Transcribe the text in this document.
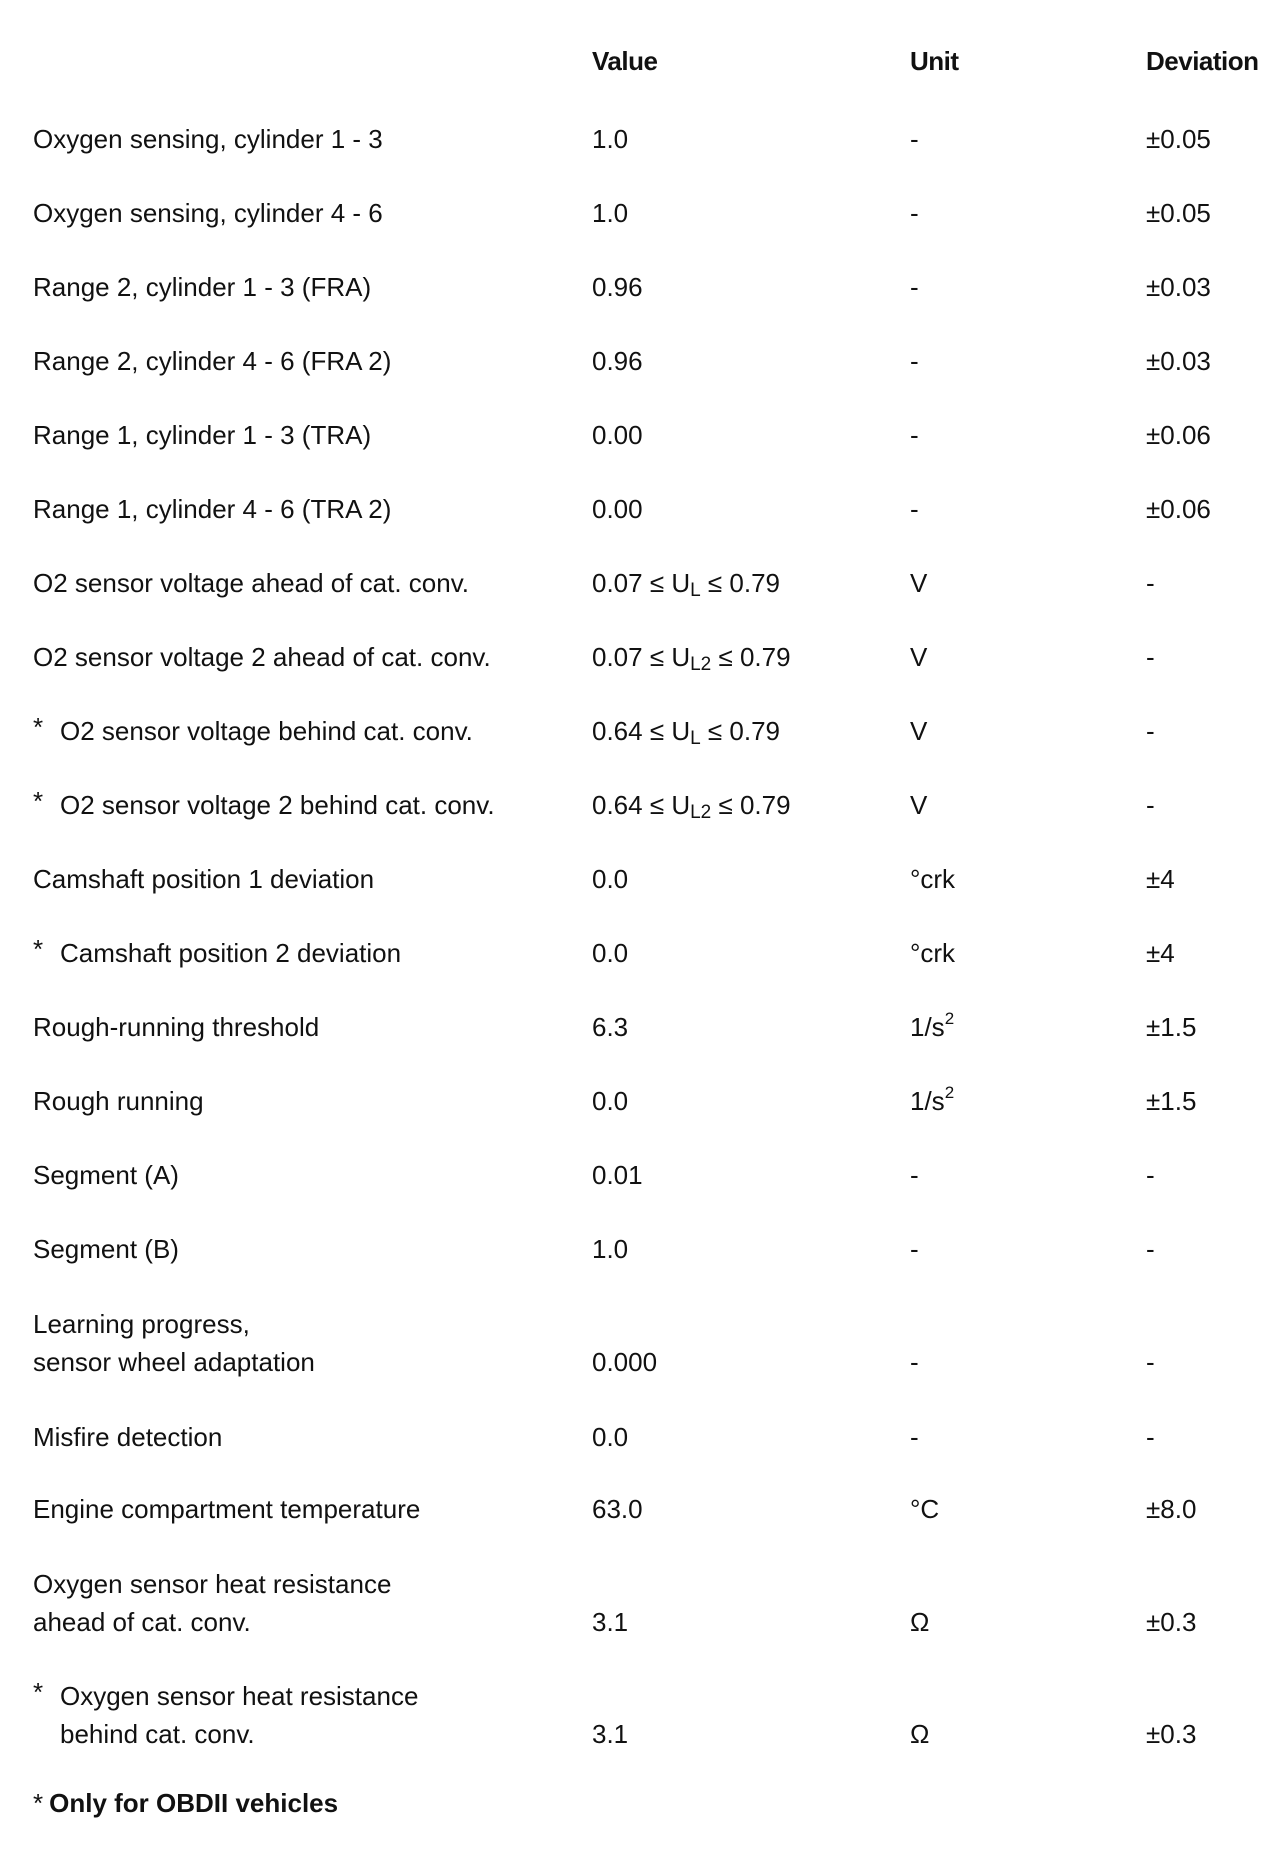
Value	Unit	Deviation
Oxygen sensing, cylinder 1 - 3	1.0	-	±0.05
Oxygen sensing, cylinder 4 - 6	1.0	-	±0.05
Range 2, cylinder 1 - 3 (FRA)	0.96	-	±0.03
Range 2, cylinder 4 - 6 (FRA 2)	0.96	-	±0.03
Range 1, cylinder 1 - 3 (TRA)	0.00	-	±0.06
Range 1, cylinder 4 - 6 (TRA 2)	0.00	-	±0.06
O2 sensor voltage ahead of cat. conv.	$0.07 \le U_L \le 0.79$	V	-
O2 sensor voltage 2 ahead of cat. conv.	$0.07 \le U_{L2} \le 0.79$	V	-
* O2 sensor voltage behind cat. conv.	$0.64 \le U_L \le 0.79$	V	-
* O2 sensor voltage 2 behind cat. conv.	$0.64 \le U_{L2} \le 0.79$	V	-
Camshaft position 1 deviation	0.0	°crk	±4
* Camshaft position 2 deviation	0.0	°crk	±4
Rough-running threshold	6.3	$1/s^2$	±1.5
Rough running	0.0	$1/s^2$	±1.5
Segment (A)	0.01	-	-
Segment (B)	1.0	-	-
Learning progress,
sensor wheel adaptation	0.000	-	-
Misfire detection	0.0	-	-
Engine compartment temperature	63.0	°C	±8.0
Oxygen sensor heat resistance
ahead of cat. conv.	3.1	Ω	±0.3
* Oxygen sensor heat resistance
behind cat. conv.	3.1	Ω	±0.3
* Only for OBDII vehicles
